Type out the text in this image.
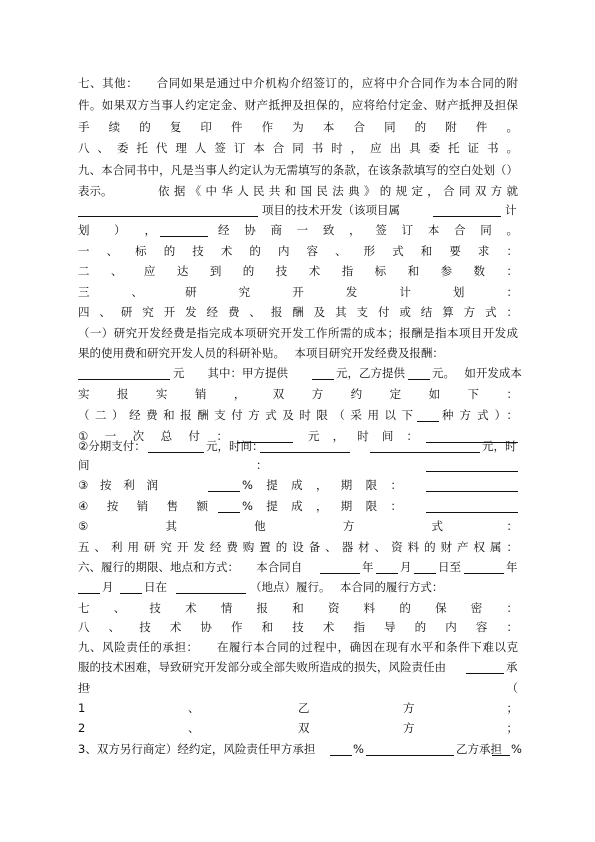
七、其他：　　合同如果是通过中介机构介绍签订的，应将中介合同作为本合同的附
件。如果双方当事人约定定金、财产抵押及担保的，应将给付定金、财产抵押及担保
手续的复印件作为本合同的附件。
八、委托代理人签订本合同书时，应出具委托证书。
九、本合同书中，凡是当事人约定认为无需填写的条款，在该条款填写的空白处划（）
表示。	依据《中华人民共和国民法典》的规定，合同双方就
项目的技术开发（该项目属	计
划），	经协商一致，签订本合同。
一、标的技术的内容、形式和要求：
二、应达到的技术指标和参数：
三、研究开发计划：
四、研究开发经费、报酬及其支付或结算方式：
（一）研究开发经费是指完成本项研究开发工作所需的成本；报酬是指本项目开发成
果的使用费和研究开发人员的科研补贴。　 本项目研究开发经费及报酬：
元　　其中：甲方提供	元，乙方提供 元。　 如开发成本
实报实销，双方约定如下：
（二）经费和报酬支付方式及时限（采用以下	种方式）：
①一次总付：	元，时间：
②分期支付：	元，时间：	元，时
间	：
③按利润	%提成，期限：
④按销售额	%提成，期限：
⑤其他方式	：
五、利用研究开发经费购置的设备、器材、资料的财产权属：
六、履行的期限、地点和方式：　　本合同自	年 月 日至	年
月	日在	（地点）履行。　 本合同的履行方式：
七、技术情报和资料的保密：
八、技术协作和技术指导的内容：
九、风险责任的承担：　　在履行本合同的过程中，确因在现有水平和条件下难以克
服的技术困难，导致研究开发部分或全部失败所造成的损失，风险责任由	承
担
。	（
1	、	乙	方	；
2	、	双	方	；
3、双方另行商定）经约定，风险责任甲方承担	%	乙方承担 %
